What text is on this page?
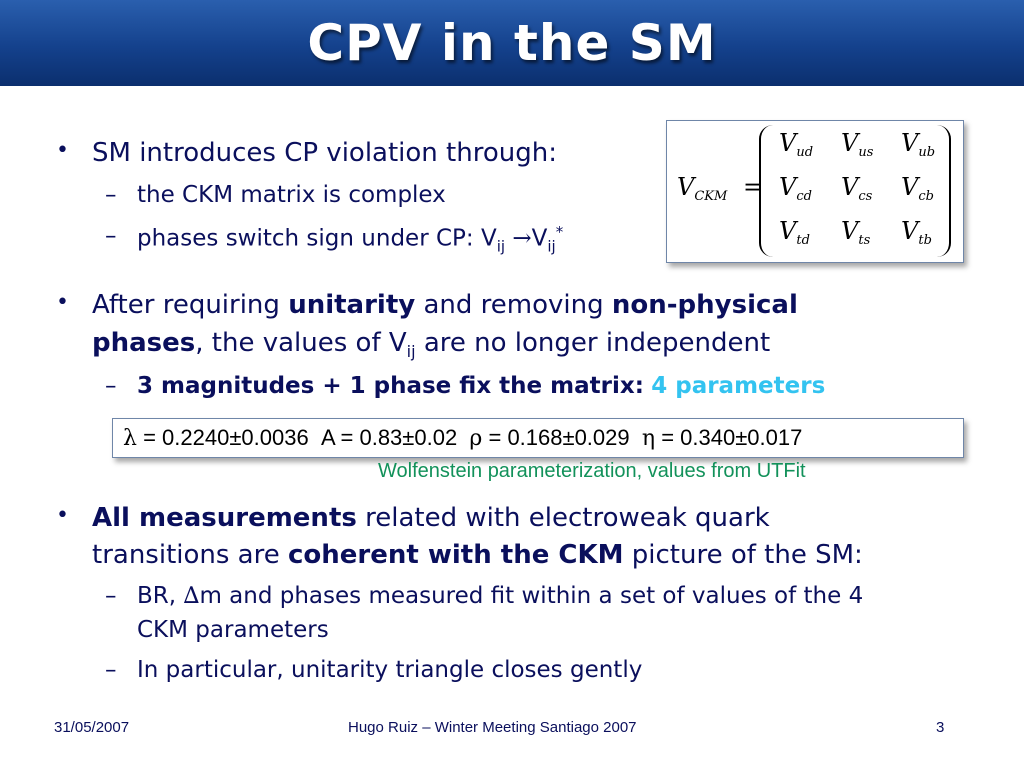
CPV in the SM
• SM introduces CP violation through:
– the CKM matrix is complex
– phases switch sign under CP: $V_{ij} \to V_{ij}^*$
$V_{CKM}$ =
$V_{ud}$ $V_{us}$ $V_{ub}$
$V_{cd}$ $V_{cs}$ $V_{cb}$
$V_{td}$ $V_{ts}$ $V_{tb}$
• After requiring unitarity and removing non-physical
phases, the values of $V_{ij}$ are no longer independent
– 3 magnitudes + 1 phase fix the matrix: 4 parameters
λ = 0.2240±0.0036 A = 0.83±0.02 ρ = 0.168±0.029 η = 0.340±0.017
Wolfenstein parameterization, values from UTFit
• All measurements related with electroweak quark
transitions are coherent with the CKM picture of the SM:
– BR, ∆m and phases measured fit within a set of values of the 4
CKM parameters
– In particular, unitarity triangle closes gently
31/05/2007	Hugo Ruiz – Winter Meeting Santiago 2007	3
